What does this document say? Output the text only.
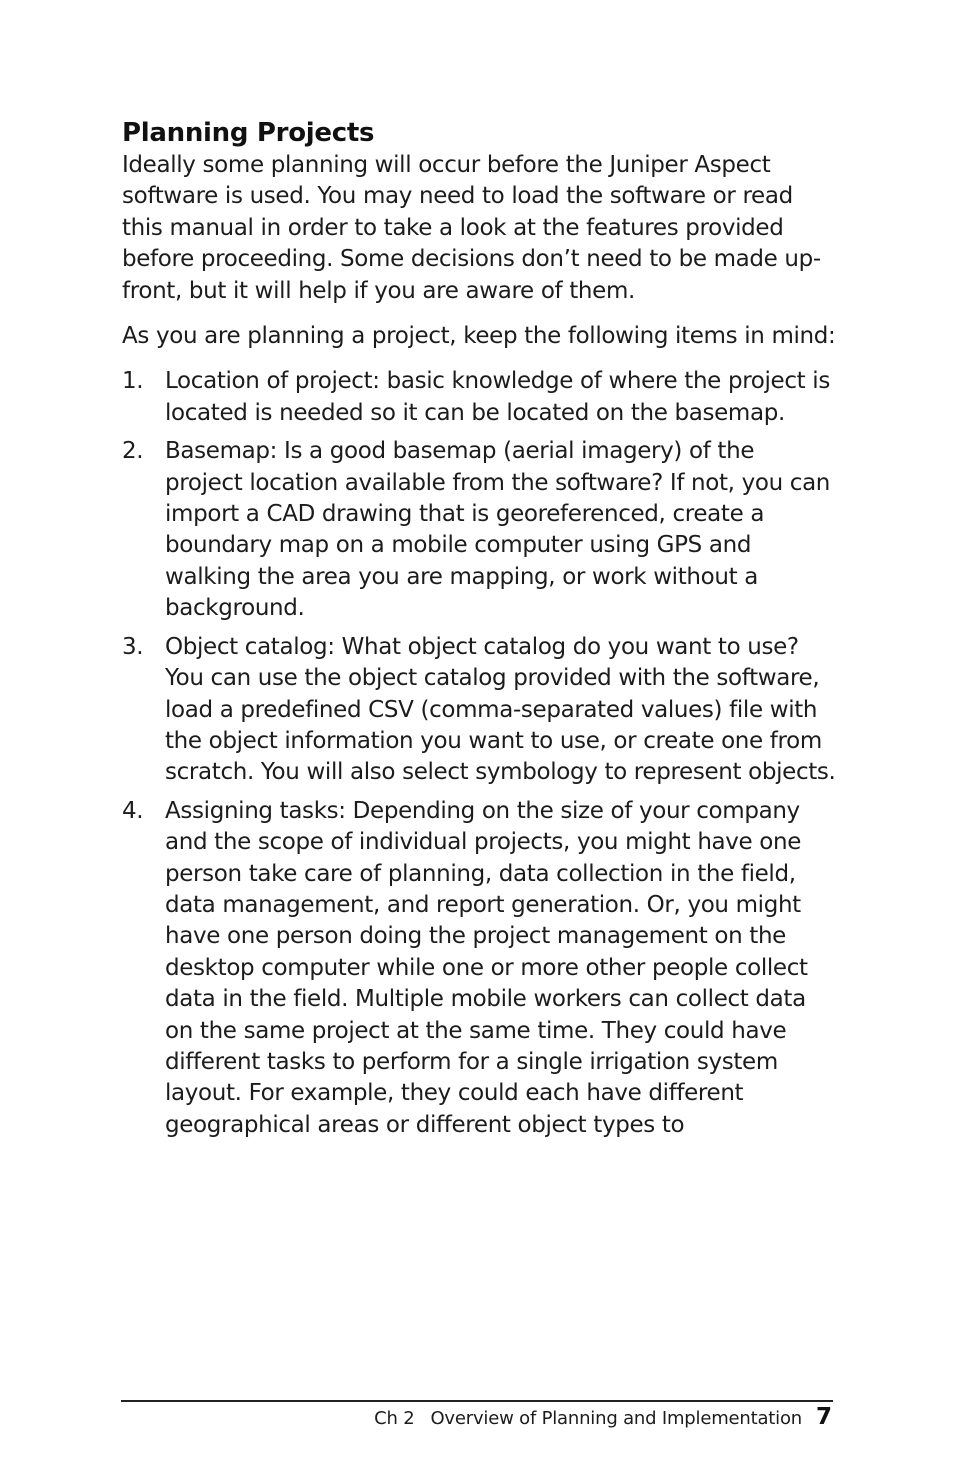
Planning Projects

Ideally some planning will occur before the Juniper Aspect software is used. You may need to load the software or read this manual in order to take a look at the features provided before proceeding. Some decisions don’t need to be made up-front, but it will help if you are aware of them.

As you are planning a project, keep the following items in mind:

1. Location of project: basic knowledge of where the project is located is needed so it can be located on the basemap.
2. Basemap: Is a good basemap (aerial imagery) of the project location available from the software? If not, you can import a CAD drawing that is georeferenced, create a boundary map on a mobile computer using GPS and walking the area you are mapping, or work without a background.
3. Object catalog: What object catalog do you want to use? You can use the object catalog provided with the software, load a predefined CSV (comma-separated values) file with the object information you want to use, or create one from scratch. You will also select symbology to represent objects.
4. Assigning tasks: Depending on the size of your company and the scope of individual projects, you might have one person take care of planning, data collection in the field, data management, and report generation. Or, you might have one person doing the project management on the desktop computer while one or more other people collect data in the field. Multiple mobile workers can collect data on the same project at the same time. They could have different tasks to perform for a single irrigation system layout. For example, they could each have different geographical areas or different object types to
Ch 2 Overview of Planning and Implementation 7
